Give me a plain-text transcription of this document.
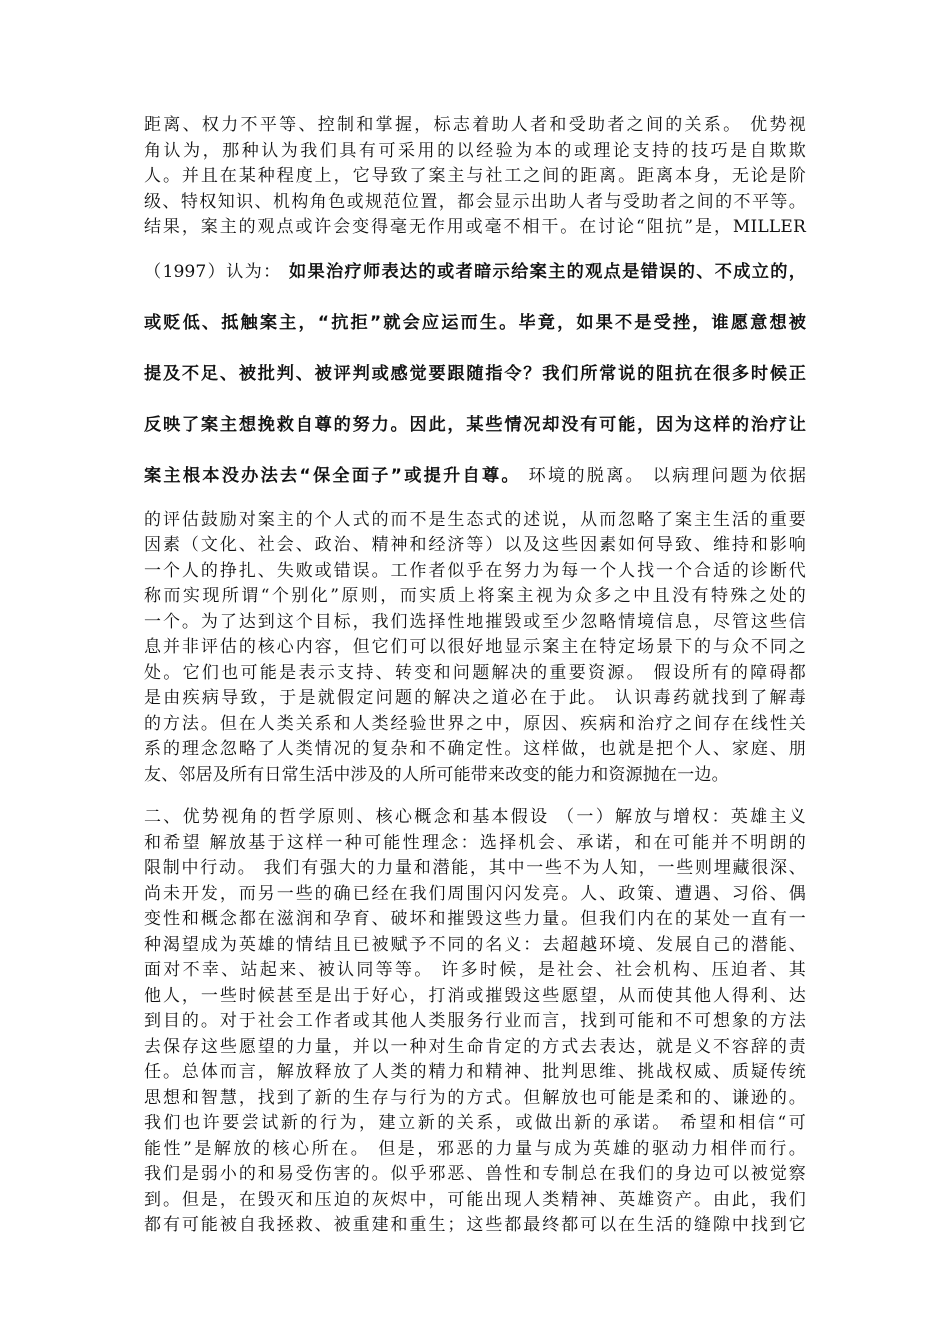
距离、权力不平等、控制和掌握，标志着助人者和受助者之间的关系。 优势视
角认为，那种认为我们具有可采用的以经验为本的或理论支持的技巧是自欺欺
人。并且在某种程度上，它导致了案主与社工之间的距离。距离本身，无论是阶
级、特权知识、机构角色或规范位置，都会显示出助人者与受助者之间的不平等。
结果，案主的观点或许会变得毫无作用或毫不相干。在讨论“阻抗”是，MILLER
（1997）认为： 如果治疗师表达的或者暗示给案主的观点是错误的、不成立的，
或贬低、抵触案主，“抗拒”就会应运而生。毕竟，如果不是受挫，谁愿意想被
提及不足、被批判、被评判或感觉要跟随指令？我们所常说的阻抗在很多时候正
反映了案主想挽救自尊的努力。因此，某些情况却没有可能，因为这样的治疗让
案主根本没办法去“保全面子”或提升自尊。 环境的脱离。 以病理问题为依据
的评估鼓励对案主的个人式的而不是生态式的述说，从而忽略了案主生活的重要
因素（文化、社会、政治、精神和经济等）以及这些因素如何导致、维持和影响
一个人的挣扎、失败或错误。工作者似乎在努力为每一个人找一个合适的诊断代
称而实现所谓“个别化”原则，而实质上将案主视为众多之中且没有特殊之处的
一个。为了达到这个目标，我们选择性地摧毁或至少忽略情境信息，尽管这些信
息并非评估的核心内容，但它们可以很好地显示案主在特定场景下的与众不同之
处。它们也可能是表示支持、转变和问题解决的重要资源。 假设所有的障碍都
是由疾病导致，于是就假定问题的解决之道必在于此。 认识毒药就找到了解毒
的方法。但在人类关系和人类经验世界之中，原因、疾病和治疗之间存在线性关
系的理念忽略了人类情况的复杂和不确定性。这样做，也就是把个人、家庭、朋
友、邻居及所有日常生活中涉及的人所可能带来改变的能力和资源抛在一边。
二、优势视角的哲学原则、核心概念和基本假设 （一）解放与增权：英雄主义
和希望 解放基于这样一种可能性理念：选择机会、承诺，和在可能并不明朗的
限制中行动。 我们有强大的力量和潜能，其中一些不为人知，一些则埋藏很深、
尚未开发，而另一些的确已经在我们周围闪闪发亮。人、政策、遭遇、习俗、偶
变性和概念都在滋润和孕育、破坏和摧毁这些力量。但我们内在的某处一直有一
种渴望成为英雄的情结且已被赋予不同的名义：去超越环境、发展自己的潜能、
面对不幸、站起来、被认同等等。 许多时候，是社会、社会机构、压迫者、其
他人，一些时候甚至是出于好心，打消或摧毁这些愿望，从而使其他人得利、达
到目的。对于社会工作者或其他人类服务行业而言，找到可能和不可想象的方法
去保存这些愿望的力量，并以一种对生命肯定的方式去表达，就是义不容辞的责
任。总体而言，解放释放了人类的精力和精神、批判思维、挑战权威、质疑传统
思想和智慧，找到了新的生存与行为的方式。但解放也可能是柔和的、谦逊的。
我们也许要尝试新的行为，建立新的关系，或做出新的承诺。 希望和相信“可
能性”是解放的核心所在。 但是，邪恶的力量与成为英雄的驱动力相伴而行。
我们是弱小的和易受伤害的。似乎邪恶、兽性和专制总在我们的身边可以被觉察
到。但是，在毁灭和压迫的灰烬中，可能出现人类精神、英雄资产。由此，我们
都有可能被自我拯救、被重建和重生；这些都最终都可以在生活的缝隙中找到它
